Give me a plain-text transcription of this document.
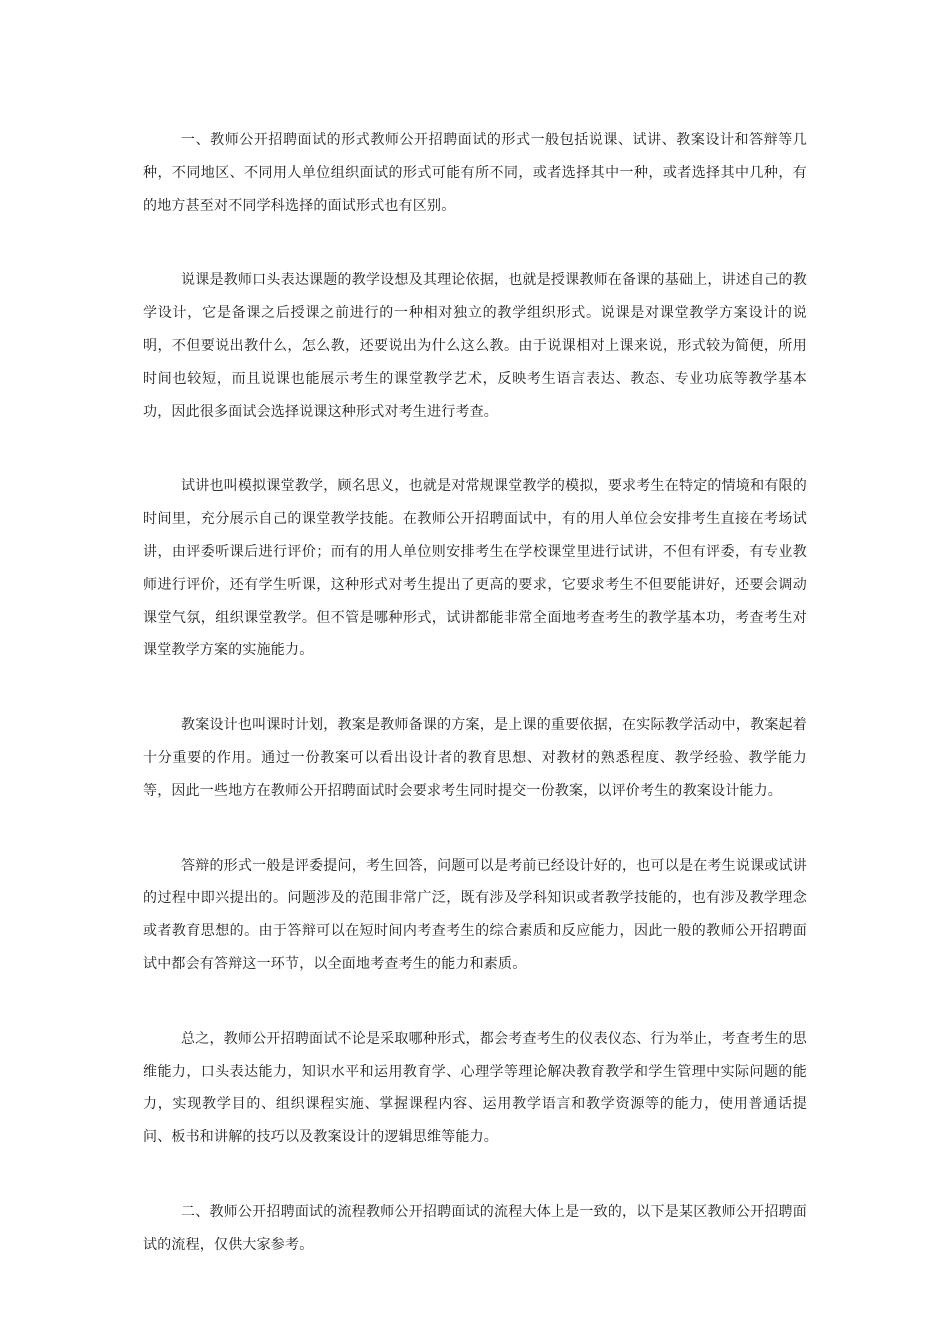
一、教师公开招聘面试的形式教师公开招聘面试的形式一般包括说课、试讲、教案设计和答辩等几种，不同地区、不同用人单位组织面试的形式可能有所不同，或者选择其中一种，或者选择其中几种，有的地方甚至对不同学科选择的面试形式也有区别。

说课是教师口头表达课题的教学设想及其理论依据，也就是授课教师在备课的基础上，讲述自己的教学设计，它是备课之后授课之前进行的一种相对独立的教学组织形式。说课是对课堂教学方案设计的说明，不但要说出教什么，怎么教，还要说出为什么这么教。由于说课相对上课来说，形式较为简便，所用时间也较短，而且说课也能展示考生的课堂教学艺术，反映考生语言表达、教态、专业功底等教学基本功，因此很多面试会选择说课这种形式对考生进行考查。

试讲也叫模拟课堂教学，顾名思义，也就是对常规课堂教学的模拟，要求考生在特定的情境和有限的时间里，充分展示自己的课堂教学技能。在教师公开招聘面试中，有的用人单位会安排考生直接在考场试讲，由评委听课后进行评价；而有的用人单位则安排考生在学校课堂里进行试讲，不但有评委，有专业教师进行评价，还有学生听课，这种形式对考生提出了更高的要求，它要求考生不但要能讲好，还要会调动课堂气氛，组织课堂教学。但不管是哪种形式，试讲都能非常全面地考查考生的教学基本功，考查考生对课堂教学方案的实施能力。

教案设计也叫课时计划，教案是教师备课的方案，是上课的重要依据，在实际教学活动中，教案起着十分重要的作用。通过一份教案可以看出设计者的教育思想、对教材的熟悉程度、教学经验、教学能力等，因此一些地方在教师公开招聘面试时会要求考生同时提交一份教案，以评价考生的教案设计能力。

答辩的形式一般是评委提问，考生回答，问题可以是考前已经设计好的，也可以是在考生说课或试讲的过程中即兴提出的。问题涉及的范围非常广泛，既有涉及学科知识或者教学技能的，也有涉及教学理念或者教育思想的。由于答辩可以在短时间内考查考生的综合素质和反应能力，因此一般的教师公开招聘面试中都会有答辩这一环节，以全面地考查考生的能力和素质。

总之，教师公开招聘面试不论是采取哪种形式，都会考查考生的仪表仪态、行为举止，考查考生的思维能力，口头表达能力，知识水平和运用教育学、心理学等理论解决教育教学和学生管理中实际问题的能力，实现教学目的、组织课程实施、掌握课程内容、运用教学语言和教学资源等的能力，使用普通话提问、板书和讲解的技巧以及教案设计的逻辑思维等能力。

二、教师公开招聘面试的流程教师公开招聘面试的流程大体上是一致的，以下是某区教师公开招聘面试的流程，仅供大家参考。
